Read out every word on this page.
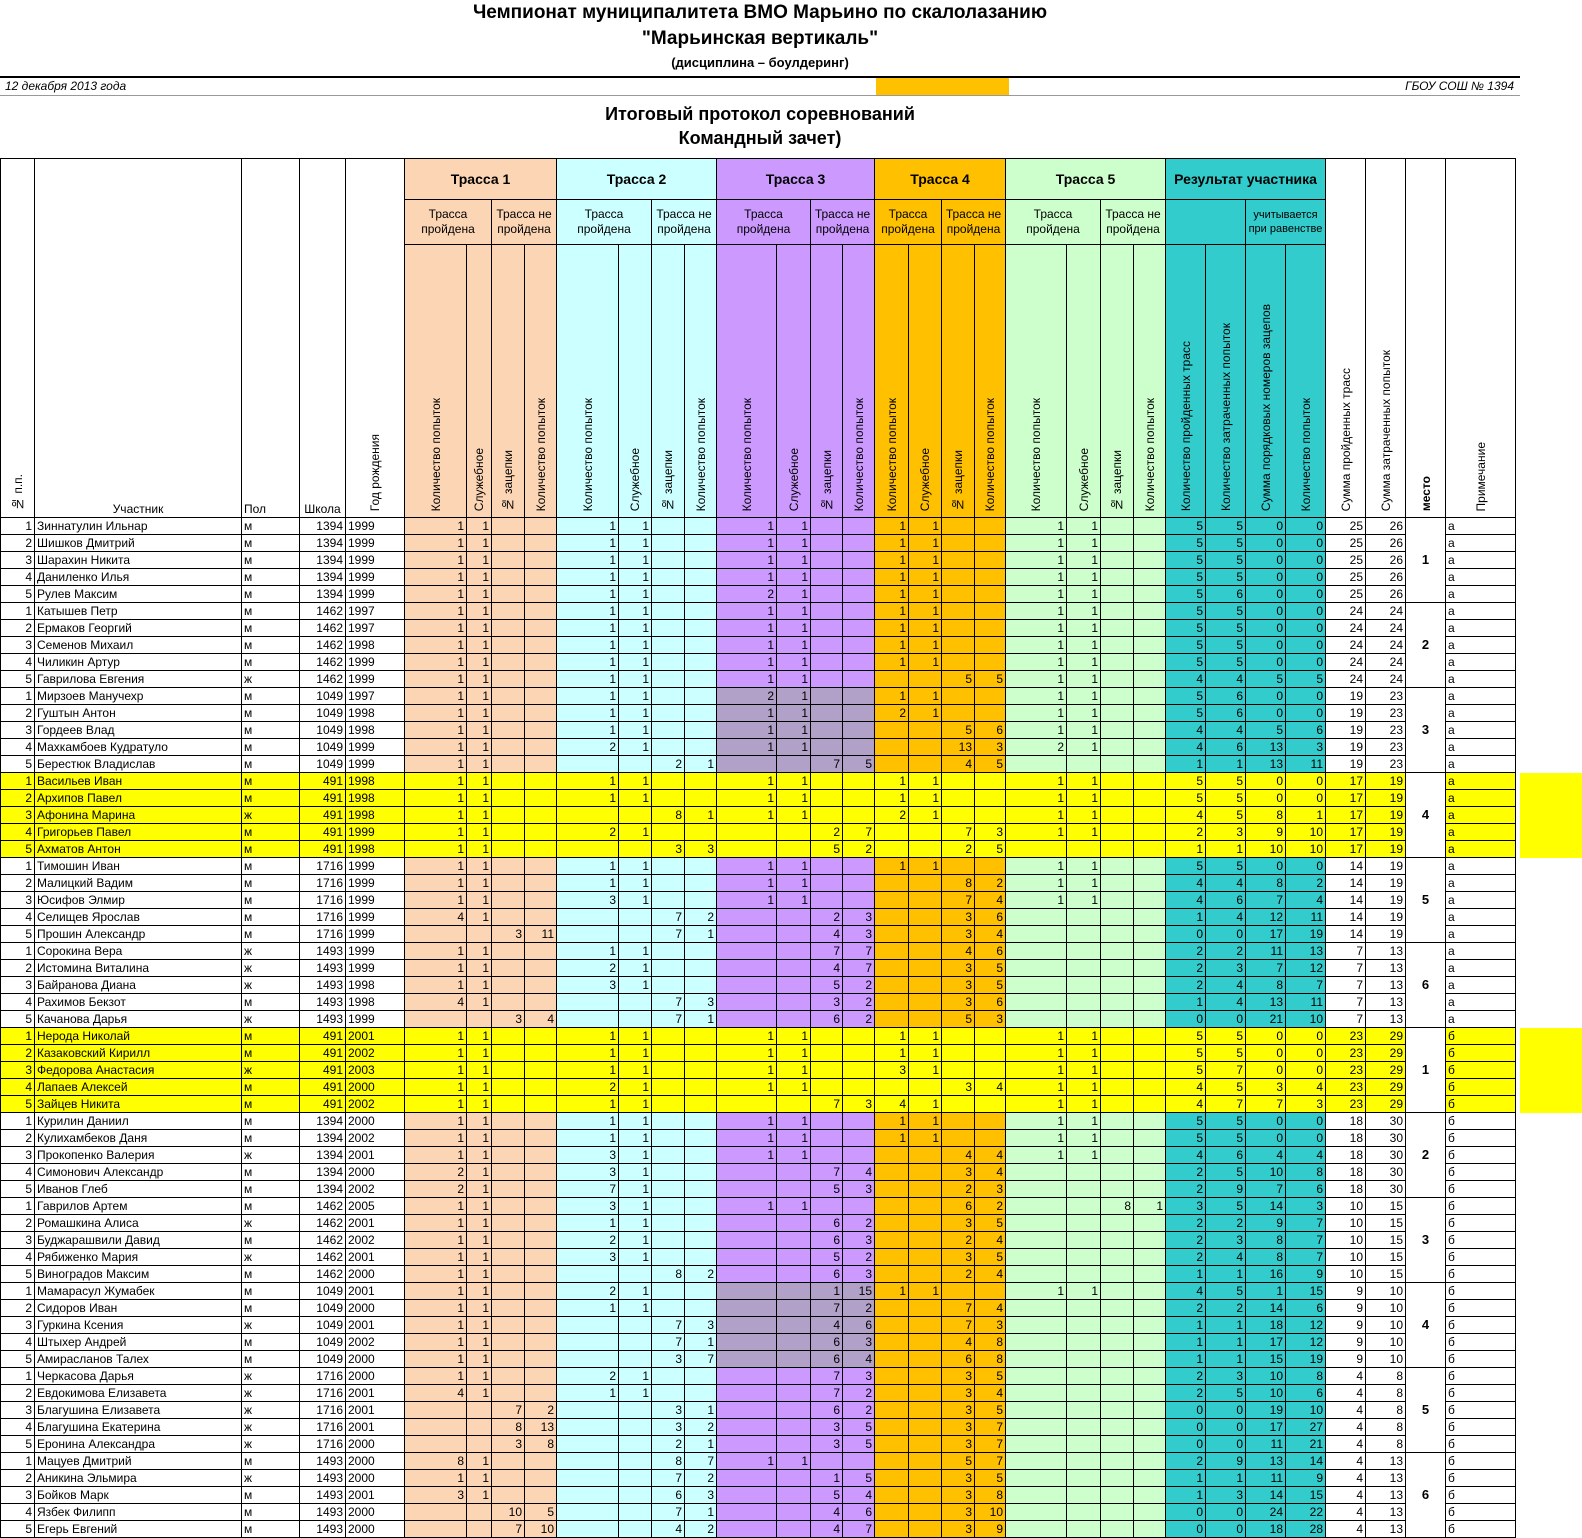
Чемпионат муниципалитета ВМО Марьино по скалолазанию
"Марьинская вертикаль"
(дисциплина – боулдеринг)
12 декабря 2013 года	ГБОУ СОШ № 1394
Итоговый протокол соревнований
Командный зачет)
№ п.п.	Участник	Пол	Школа	Год рождения	Трасса 1				Трасса 2				Трасса 3				Трасса 4				Трасса 5				Результат участника				Сумма пройденных трасс	Сумма затраченных попыток	место	Примечание
					Трасса пройдена		Трасса не пройдена		Трасса пройдена		Трасса не пройдена		Трасса пройдена		Трасса не пройдена		Трасса пройдена		Трасса не пройдена		Трасса пройдена		Трасса не пройдена				учитывается при равенстве					
					Количество попыток	Служебное	№ зацепки	Количество попыток	Количество попыток	Служебное	№ зацепки	Количество попыток	Количество попыток	Служебное	№ зацепки	Количество попыток	Количество попыток	Служебное	№ зацепки	Количество попыток	Количество попыток	Служебное	№ зацепки	Количество попыток	Количество пройденных трасс	Количество затраченных попыток	Сумма порядковых номеров зацепов	Количество попыток				
1	Зиннатулин Ильнар	м	1394	1999	1	1			1	1			1	1			1	1			1	1			5	5	0	0	25	26	1	а
2	Шишков Дмитрий	м	1394	1999	1	1			1	1			1	1			1	1			1	1			5	5	0	0	25	26		а
3	Шарахин Никита	м	1394	1999	1	1			1	1			1	1			1	1			1	1			5	5	0	0	25	26		а
4	Даниленко Илья	м	1394	1999	1	1			1	1			1	1			1	1			1	1			5	5	0	0	25	26		а
5	Рулев Максим	м	1394	1999	1	1			1	1			2	1			1	1			1	1			5	6	0	0	25	26		а
1	Катышев Петр	м	1462	1997	1	1			1	1			1	1			1	1			1	1			5	5	0	0	24	24	2	а
2	Ермаков Георгий	м	1462	1997	1	1			1	1			1	1			1	1			1	1			5	5	0	0	24	24		а
3	Семенов Михаил	м	1462	1998	1	1			1	1			1	1			1	1			1	1			5	5	0	0	24	24		а
4	Чиликин Артур	м	1462	1999	1	1			1	1			1	1			1	1			1	1			5	5	0	0	24	24		а
5	Гаврилова Евгения	ж	1462	1999	1	1			1	1			1	1					5	5	1	1			4	4	5	5	24	24		а
1	Мирзоев Манучехр	м	1049	1997	1	1			1	1			2	1			1	1			1	1			5	6	0	0	19	23	3	а
2	Гуштын Антон	м	1049	1998	1	1			1	1			1	1			2	1			1	1			5	6	0	0	19	23		а
3	Гордеев Влад	м	1049	1998	1	1			1	1			1	1					5	6	1	1			4	4	5	6	19	23		а
4	Махкамбоев Кудратуло	м	1049	1999	1	1			2	1			1	1					13	3	2	1			4	6	13	3	19	23		а
5	Берестюк Владислав	м	1049	1999	1	1					2	1			7	5			4	5					1	1	13	11	19	23		а
1	Васильев Иван	м	491	1998	1	1			1	1			1	1			1	1			1	1			5	5	0	0	17	19	4	а
2	Архипов Павел	м	491	1998	1	1			1	1			1	1			1	1			1	1			5	5	0	0	17	19		а
3	Афонина Марина	ж	491	1998	1	1					8	1	1	1			2	1			1	1			4	5	8	1	17	19		а
4	Григорьев Павел	м	491	1999	1	1			2	1					2	7			7	3	1	1			2	3	9	10	17	19		а
5	Ахматов Антон	м	491	1998	1	1					3	3			5	2			2	5					1	1	10	10	17	19		а
1	Тимошин Иван	м	1716	1999	1	1			1	1			1	1			1	1			1	1			5	5	0	0	14	19	5	а
2	Малицкий Вадим	м	1716	1999	1	1			1	1			1	1					8	2	1	1			4	4	8	2	14	19		а
3	Юсифов Элмир	м	1716	1999	1	1			3	1			1	1					7	4	1	1			4	6	7	4	14	19		а
4	Селищев Ярослав	м	1716	1999	4	1					7	2			2	3			3	6					1	4	12	11	14	19		а
5	Прошин Александр	м	1716	1999			3	11			7	1			4	3			3	4					0	0	17	19	14	19		а
1	Сорокина Вера	ж	1493	1999	1	1			1	1					7	7			4	6					2	2	11	13	7	13	6	а
2	Истомина Виталина	ж	1493	1999	1	1			2	1					4	7			3	5					2	3	7	12	7	13		а
3	Байранова Диана	ж	1493	1998	1	1			3	1					5	2			3	5					2	4	8	7	7	13		а
4	Рахимов Бекзот	м	1493	1998	4	1					7	3			3	2			3	6					1	4	13	11	7	13		а
5	Качанова Дарья	ж	1493	1999			3	4			7	1			6	2			5	3					0	0	21	10	7	13		а
1	Нерода Николай	м	491	2001	1	1			1	1			1	1			1	1			1	1			5	5	0	0	23	29	1	б
2	Казаковский Кирилл	м	491	2002	1	1			1	1			1	1			1	1			1	1			5	5	0	0	23	29		б
3	Федорова Анастасия	ж	491	2003	1	1			1	1			1	1			3	1			1	1			5	7	0	0	23	29		б
4	Лапаев Алексей	м	491	2000	1	1			2	1			1	1					3	4	1	1			4	5	3	4	23	29		б
5	Зайцев Никита	м	491	2002	1	1			1	1					7	3	4	1			1	1			4	7	7	3	23	29		б
1	Курилин Даниил	м	1394	2000	1	1			1	1			1	1			1	1			1	1			5	5	0	0	18	30	2	б
2	Кулихамбеков Даня	м	1394	2002	1	1			1	1			1	1			1	1			1	1			5	5	0	0	18	30		б
3	Прокопенко Валерия	ж	1394	2001	1	1			3	1			1	1					4	4	1	1			4	6	4	4	18	30		б
4	Симонович Александр	м	1394	2000	2	1			3	1					7	4			3	4					2	5	10	8	18	30		б
5	Иванов Глеб	м	1394	2002	2	1			7	1					5	3			2	3					2	9	7	6	18	30		б
1	Гаврилов Артем	м	1462	2005	1	1			3	1			1	1					6	2			8	1	3	5	14	3	10	15	3	б
2	Ромашкина Алиса	ж	1462	2001	1	1			1	1					6	2			3	5					2	2	9	7	10	15		б
3	Буджарашвили Давид	м	1462	2002	1	1			2	1					6	3			2	4					2	3	8	7	10	15		б
4	Рябиженко Мария	ж	1462	2001	1	1			3	1					5	2			3	5					2	4	8	7	10	15		б
5	Виноградов Максим	м	1462	2000	1	1					8	2			6	3			2	4					1	1	16	9	10	15		б
1	Мамарасул Жумабек	м	1049	2001	1	1			2	1					1	15	1	1			1	1			4	5	1	15	9	10	4	б
2	Сидоров Иван	м	1049	2000	1	1			1	1					7	2			7	4					2	2	14	6	9	10		б
3	Гуркина Ксения	ж	1049	2001	1	1					7	3			4	6			7	3					1	1	18	12	9	10		б
4	Штыхер Андрей	м	1049	2002	1	1					7	1			6	3			4	8					1	1	17	12	9	10		б
5	Амирасланов Талех	м	1049	2000	1	1					3	7			6	4			6	8					1	1	15	19	9	10		б
1	Черкасова Дарья	ж	1716	2000	1	1			2	1					7	3			3	5					2	3	10	8	4	8	5	б
2	Евдокимова Елизавета	ж	1716	2001	4	1			1	1					7	2			3	4					2	5	10	6	4	8		б
3	Благушина Елизавета	ж	1716	2001			7	2			3	1			6	2			3	5					0	0	19	10	4	8		б
4	Благушина Екатерина	ж	1716	2001			8	13			3	2			3	5			3	7					0	0	17	27	4	8		б
5	Еронина Александра	ж	1716	2000			3	8			2	1			3	5			3	7					0	0	11	21	4	8		б
1	Мацуев Дмитрий	м	1493	2000	8	1					8	7	1	1					5	7					2	9	13	14	4	13	6	б
2	Аникина Эльмира	ж	1493	2000	1	1					7	2			1	5			3	5					1	1	11	9	4	13		б
3	Бойков Марк	м	1493	2001	3	1					6	3			5	4			3	8					1	3	14	15	4	13		б
4	Язбек Филипп	м	1493	2000			10	5			7	1			4	6			3	10					0	0	24	22	4	13		б
5	Егерь Евгений	м	1493	2000			7	10			4	2			4	7			3	9					0	0	18	28	4	13		б
